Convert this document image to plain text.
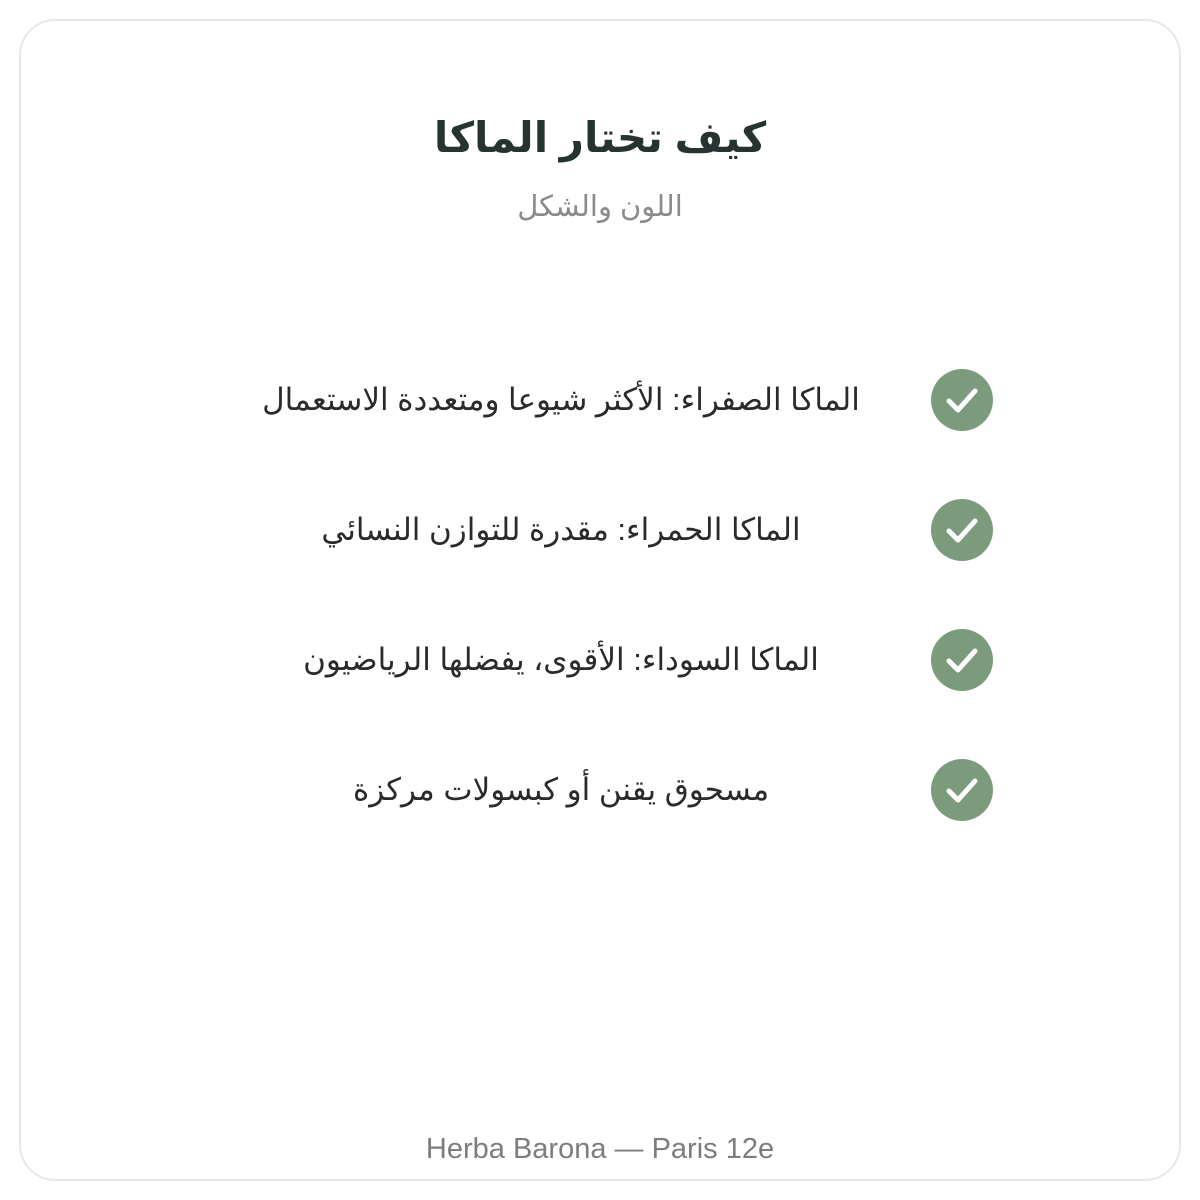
كيف تختار الماكا
اللون والشكل
الماكا الصفراء: الأكثر شيوعا ومتعددة الاستعمال
الماكا الحمراء: مقدرة للتوازن النسائي
الماكا السوداء: الأقوى، يفضلها الرياضيون
مسحوق يقنن أو كبسولات مركزة
Herba Barona — Paris 12e
